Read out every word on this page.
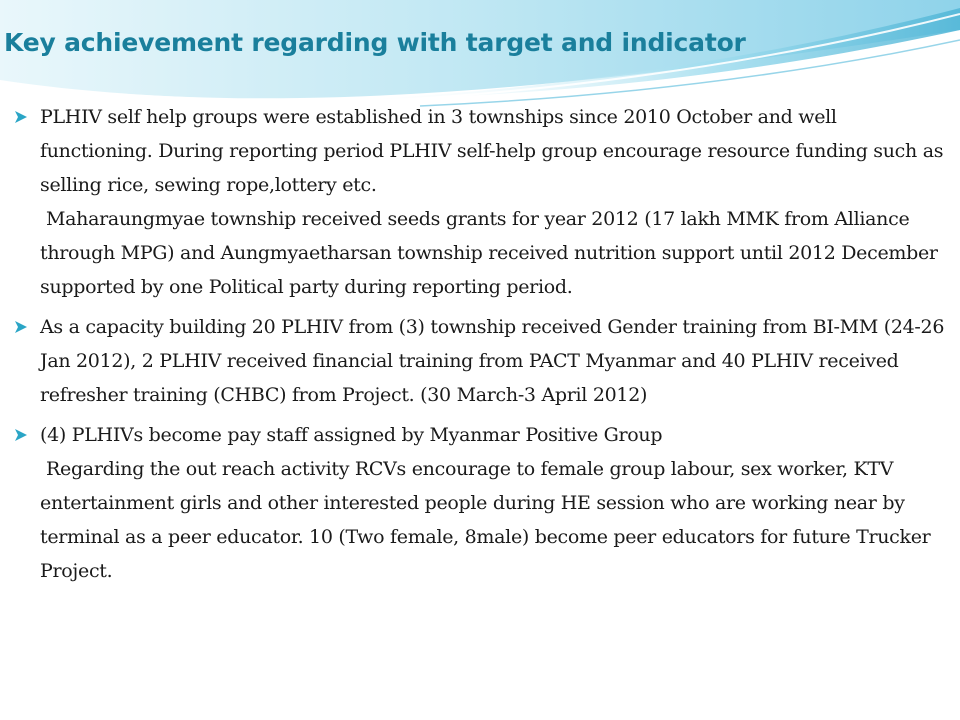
Key achievement regarding with target and indicator
PLHIV self help groups were established in 3 townships since 2010 October and well functioning. During reporting period PLHIV self-help group encourage resource funding such as selling rice, sewing rope,lottery etc.
Maharaungmyae township received seeds grants for year 2012 (17 lakh MMK from Alliance through MPG) and Aungmyaetharsan township received nutrition support until 2012 December supported by one Political party during reporting period.
As a capacity building 20 PLHIV from (3) township received Gender training from BI-MM (24-26 Jan 2012), 2 PLHIV received financial training from PACT Myanmar and 40 PLHIV received refresher training (CHBC) from Project. (30 March-3 April 2012)
(4) PLHIVs become pay staff assigned by Myanmar Positive Group
Regarding the out reach activity RCVs encourage to female group labour, sex worker, KTV entertainment girls and other interested people during HE session who are working near by terminal as a peer educator. 10 (Two female, 8male) become peer educators for future Trucker Project.
